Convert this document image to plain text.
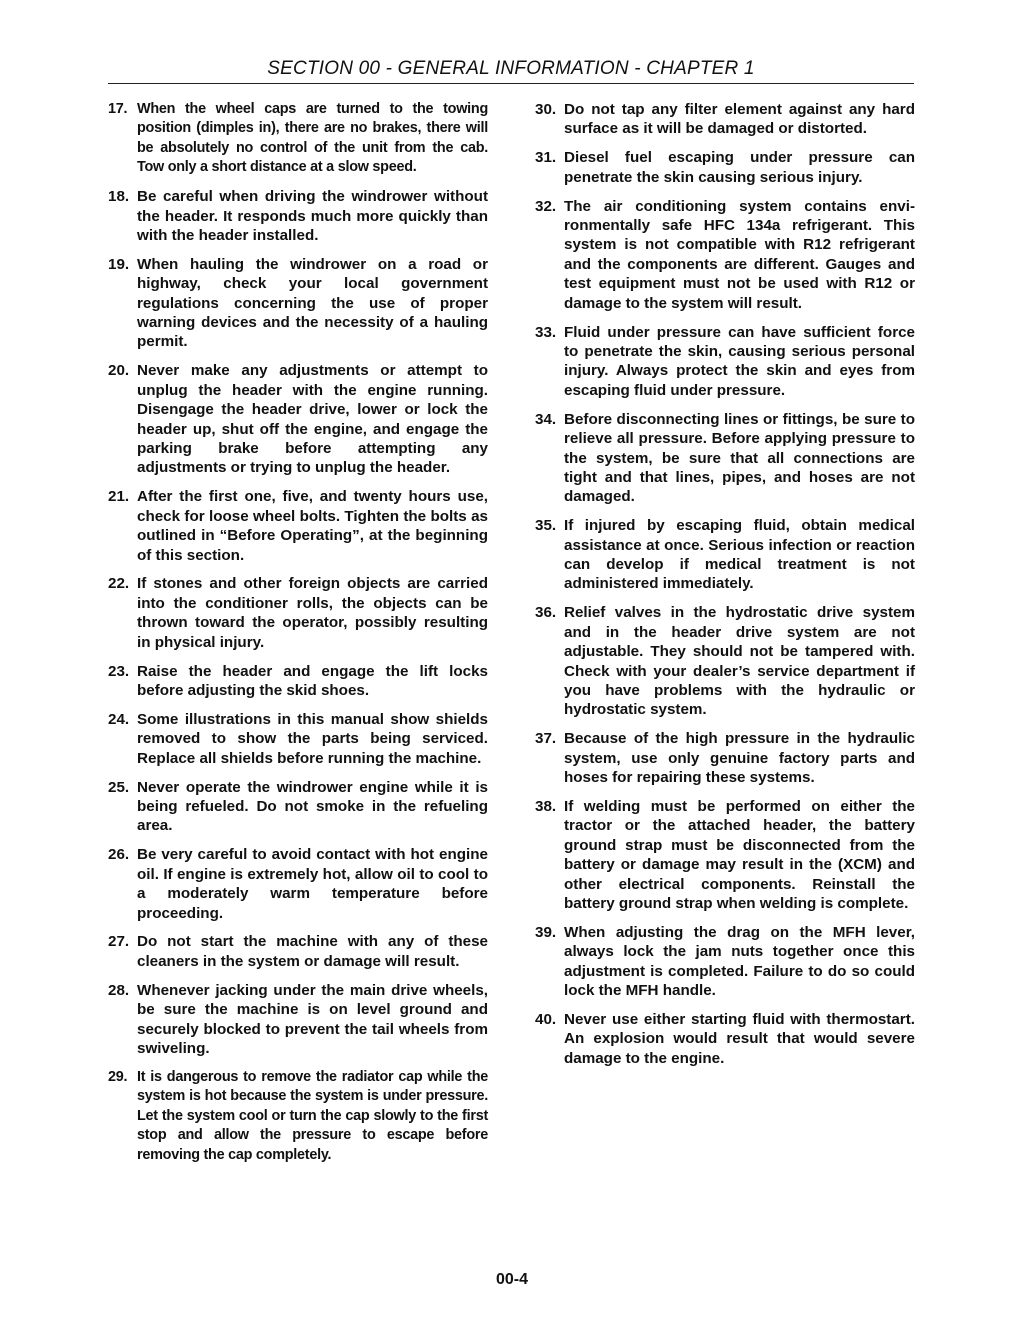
SECTION 00 - GENERAL INFORMATION - CHAPTER 1
17. When the wheel caps are turned to the towing position (dimples in), there are no brakes, there will be absolutely no control of the unit from the cab. Tow only a short distance at a slow speed.
18. Be careful when driving the windrower without the header. It responds much more quickly than with the header installed.
19. When hauling the windrower on a road or highway, check your local government regulations concerning the use of proper warning devices and the necessity of a hauling permit.
20. Never make any adjustments or attempt to unplug the header with the engine running. Disengage the header drive, lower or lock the header up, shut off the engine, and engage the parking brake before attempting any adjustments or trying to unplug the header.
21. After the first one, five, and twenty hours use, check for loose wheel bolts. Tighten the bolts as outlined in “Before Operating”, at the beginning of this section.
22. If stones and other foreign objects are carried into the conditioner rolls, the objects can be thrown toward the operator, possibly resulting in physical injury.
23. Raise the header and engage the lift locks before adjusting the skid shoes.
24. Some illustrations in this manual show shields removed to show the parts being serviced. Replace all shields before running the machine.
25. Never operate the windrower engine while it is being refueled. Do not smoke in the refueling area.
26. Be very careful to avoid contact with hot engine oil. If engine is extremely hot, allow oil to cool to a moderately warm temperature before proceeding.
27. Do not start the machine with any of these cleaners in the system or damage will result.
28. Whenever jacking under the main drive wheels, be sure the machine is on level ground and securely blocked to prevent the tail wheels from swiveling.
29. It is dangerous to remove the radiator cap while the system is hot because the system is under pressure. Let the system cool or turn the cap slowly to the first stop and allow the pressure to escape before removing the cap completely.
30. Do not tap any filter element against any hard surface as it will be damaged or distorted.
31. Diesel fuel escaping under pressure can penetrate the skin causing serious injury.
32. The air conditioning system contains environmentally safe HFC 134a refrigerant. This system is not compatible with R12 refrigerant and the components are different. Gauges and test equipment must not be used with R12 or damage to the system will result.
33. Fluid under pressure can have sufficient force to penetrate the skin, causing serious personal injury. Always protect the skin and eyes from escaping fluid under pressure.
34. Before disconnecting lines or fittings, be sure to relieve all pressure. Before applying pressure to the system, be sure that all connections are tight and that lines, pipes, and hoses are not damaged.
35. If injured by escaping fluid, obtain medical assistance at once. Serious infection or reaction can develop if medical treatment is not administered immediately.
36. Relief valves in the hydrostatic drive system and in the header drive system are not adjustable. They should not be tampered with. Check with your dealer’s service department if you have problems with the hydraulic or hydrostatic system.
37. Because of the high pressure in the hydraulic system, use only genuine factory parts and hoses for repairing these systems.
38. If welding must be performed on either the tractor or the attached header, the battery ground strap must be disconnected from the battery or damage may result in the (XCM) and other electrical components. Reinstall the battery ground strap when welding is complete.
39. When adjusting the drag on the MFH lever, always lock the jam nuts together once this adjustment is completed. Failure to do so could lock the MFH handle.
40. Never use either starting fluid with thermostart. An explosion would result that would severe damage to the engine.
00-4
